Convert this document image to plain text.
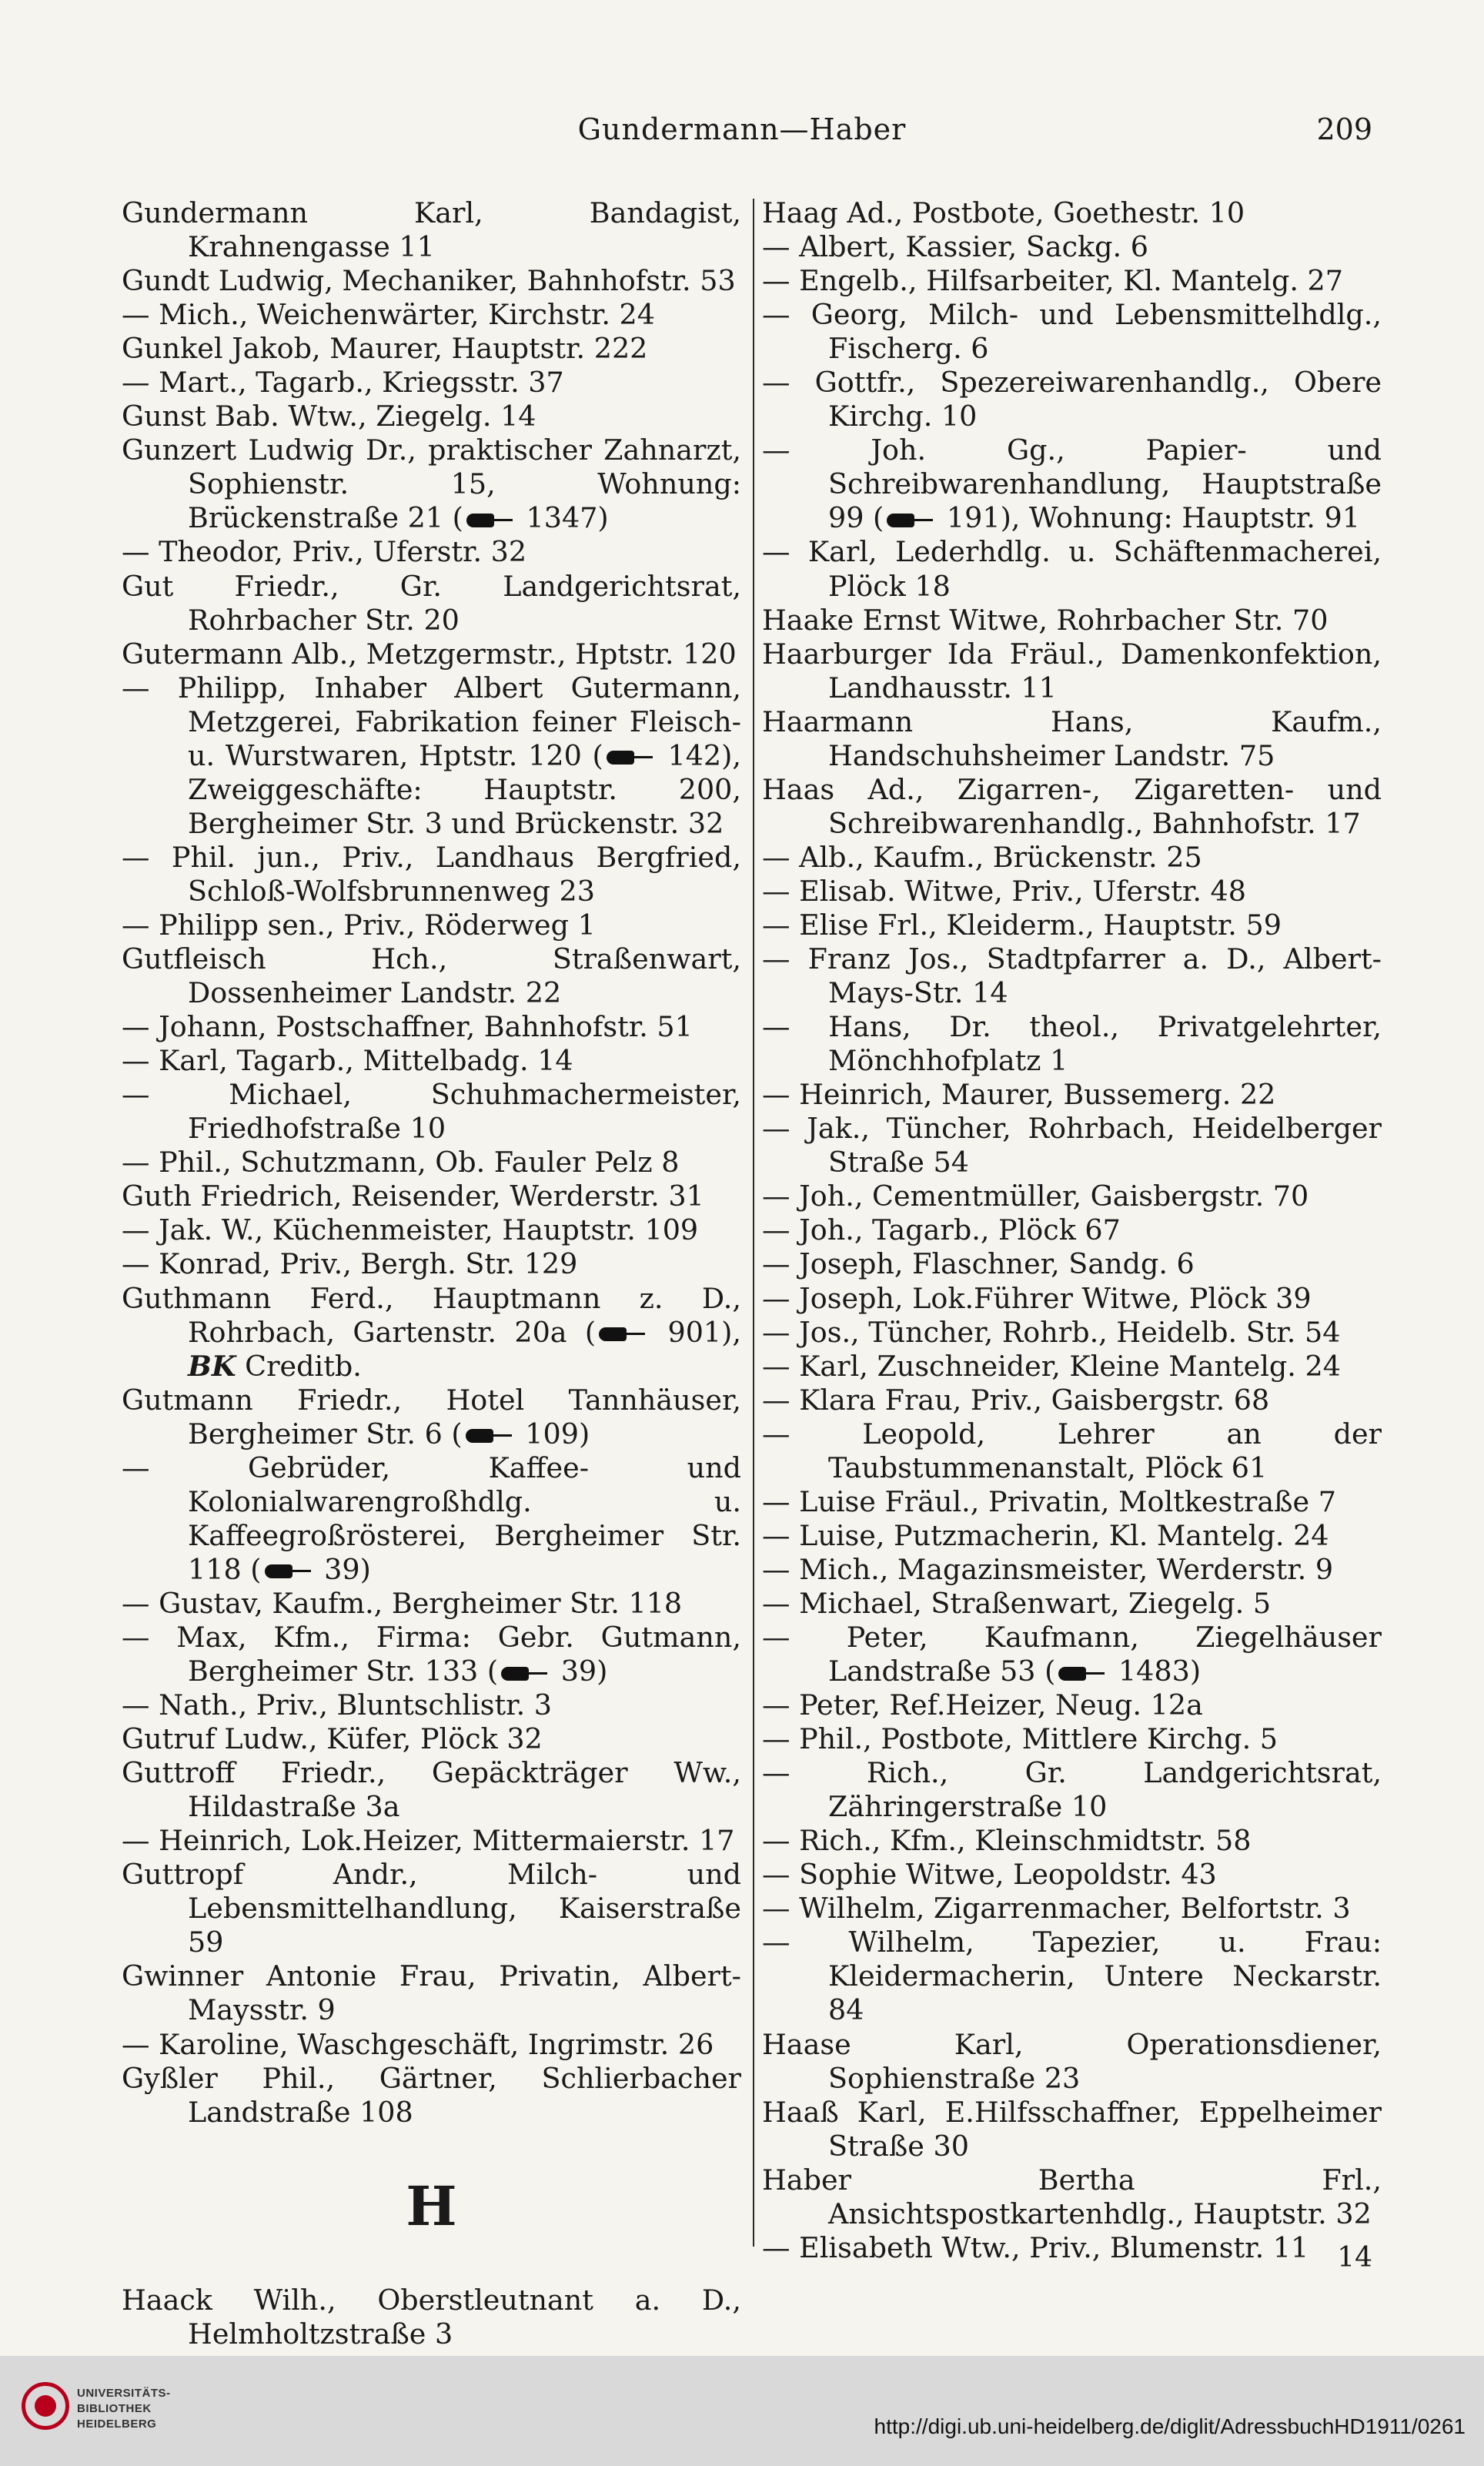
Gundermann—Haber	209
Gundermann Karl, Bandagist, Krahnengasse 11
Gundt Ludwig, Mechaniker, Bahnhofstr. 53
— Mich., Weichenwärter, Kirchstr. 24
Gunkel Jakob, Maurer, Hauptstr. 222
— Mart., Tagarb., Kriegsstr. 37
Gunst Bab. Wtw., Ziegelg. 14
Gunzert Ludwig Dr., praktischer Zahnarzt, Sophienstr. 15, Wohnung: Brückenstraße 21 ( 1347)
— Theodor, Priv., Uferstr. 32
Gut Friedr., Gr. Landgerichtsrat, Rohrbacher Str. 20
Gutermann Alb., Metzgermstr., Hptstr. 120
— Philipp, Inhaber Albert Gutermann, Metzgerei, Fabrikation feiner Fleisch- u. Wurstwaren, Hptstr. 120 ( 142), Zweiggeschäfte: Hauptstr. 200, Bergheimer Str. 3 und Brückenstr. 32
— Phil. jun., Priv., Landhaus Bergfried, Schloß-Wolfsbrunnenweg 23
— Philipp sen., Priv., Röderweg 1
Gutfleisch Hch., Straßenwart, Dossenheimer Landstr. 22
— Johann, Postschaffner, Bahnhofstr. 51
— Karl, Tagarb., Mittelbadg. 14
— Michael, Schuhmachermeister, Friedhofstraße 10
— Phil., Schutzmann, Ob. Fauler Pelz 8
Guth Friedrich, Reisender, Werderstr. 31
— Jak. W., Küchenmeister, Hauptstr. 109
— Konrad, Priv., Bergh. Str. 129
Guthmann Ferd., Hauptmann z. D., Rohrbach, Gartenstr. 20a ( 901), BK Creditb.
Gutmann Friedr., Hotel Tannhäuser, Bergheimer Str. 6 ( 109)
— Gebrüder, Kaffee- und Kolonialwarengroßhdlg. u. Kaffeegroßrösterei, Bergheimer Str. 118 ( 39)
— Gustav, Kaufm., Bergheimer Str. 118
— Max, Kfm., Firma: Gebr. Gutmann, Bergheimer Str. 133 ( 39)
— Nath., Priv., Bluntschlistr. 3
Gutruf Ludw., Küfer, Plöck 32
Guttroff Friedr., Gepäckträger Ww., Hildastraße 3a
— Heinrich, Lok.Heizer, Mittermaierstr. 17
Guttropf Andr., Milch- und Lebensmittelhandlung, Kaiserstraße 59
Gwinner Antonie Frau, Privatin, Albert-Maysstr. 9
— Karoline, Waschgeschäft, Ingrimstr. 26
Gyßler Phil., Gärtner, Schlierbacher Landstraße 108
H
Haack Wilh., Oberstleutnant a. D., Helmholtzstraße 3
Haag Ad., Postbote, Goethestr. 10
— Albert, Kassier, Sackg. 6
— Engelb., Hilfsarbeiter, Kl. Mantelg. 27
— Georg, Milch- und Lebensmittelhdlg., Fischerg. 6
— Gottfr., Spezereiwarenhandlg., Obere Kirchg. 10
— Joh. Gg., Papier- und Schreibwarenhandlung, Hauptstraße 99 ( 191), Wohnung: Hauptstr. 91
— Karl, Lederhdlg. u. Schäftenmacherei, Plöck 18
Haake Ernst Witwe, Rohrbacher Str. 70
Haarburger Ida Fräul., Damenkonfektion, Landhausstr. 11
Haarmann Hans, Kaufm., Handschuhsheimer Landstr. 75
Haas Ad., Zigarren-, Zigaretten- und Schreibwarenhandlg., Bahnhofstr. 17
— Alb., Kaufm., Brückenstr. 25
— Elisab. Witwe, Priv., Uferstr. 48
— Elise Frl., Kleiderm., Hauptstr. 59
— Franz Jos., Stadtpfarrer a. D., Albert-Mays-Str. 14
— Hans, Dr. theol., Privatgelehrter, Mönchhofplatz 1
— Heinrich, Maurer, Bussemerg. 22
— Jak., Tüncher, Rohrbach, Heidelberger Straße 54
— Joh., Cementmüller, Gaisbergstr. 70
— Joh., Tagarb., Plöck 67
— Joseph, Flaschner, Sandg. 6
— Joseph, Lok.Führer Witwe, Plöck 39
— Jos., Tüncher, Rohrb., Heidelb. Str. 54
— Karl, Zuschneider, Kleine Mantelg. 24
— Klara Frau, Priv., Gaisbergstr. 68
— Leopold, Lehrer an der Taubstummenanstalt, Plöck 61
— Luise Fräul., Privatin, Moltkestraße 7
— Luise, Putzmacherin, Kl. Mantelg. 24
— Mich., Magazinsmeister, Werderstr. 9
— Michael, Straßenwart, Ziegelg. 5
— Peter, Kaufmann, Ziegelhäuser Landstraße 53 ( 1483)
— Peter, Ref.Heizer, Neug. 12a
— Phil., Postbote, Mittlere Kirchg. 5
— Rich., Gr. Landgerichtsrat, Zähringerstraße 10
— Rich., Kfm., Kleinschmidtstr. 58
— Sophie Witwe, Leopoldstr. 43
— Wilhelm, Zigarrenmacher, Belfortstr. 3
— Wilhelm, Tapezier, u. Frau: Kleidermacherin, Untere Neckarstr. 84
Haase Karl, Operationsdiener, Sophienstraße 23
Haaß Karl, E.Hilfsschaffner, Eppelheimer Straße 30
Haber Bertha Frl., Ansichtspostkartenhdlg., Hauptstr. 32
— Elisabeth Wtw., Priv., Blumenstr. 11	14
UNIVERSITÄTS-
BIBLIOTHEK
HEIDELBERG	http://digi.ub.uni-heidelberg.de/diglit/AdressbuchHD1911/0261
